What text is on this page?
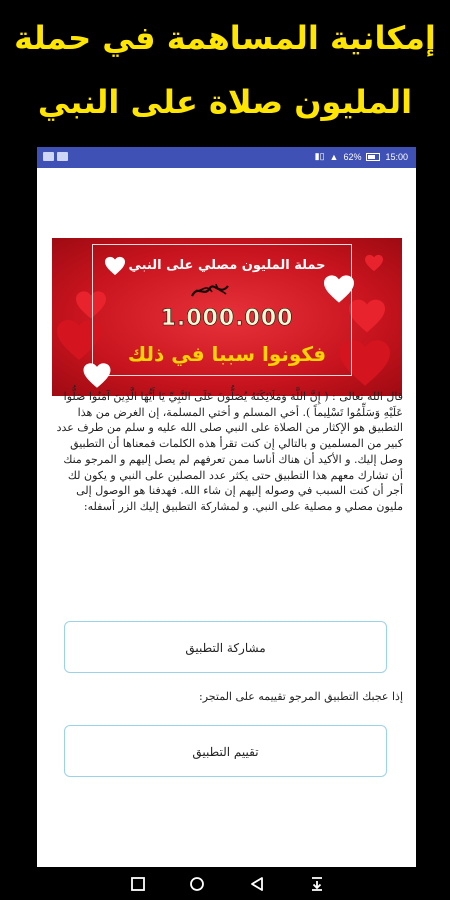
إمكانية المساهمة في حملة
المليون صلاة على النبي
▮▯ ▲ 62%	15:00
حملة المليون مصلي على النبي
1.000.000
فكونوا سببا في ذلك
قال الله تعالى : ( إِنَّ اللَّهَ وَمَلَائِكَتَهُ يُصَلُّونَ عَلَى النَّبِيِّ يَا أَيُّهَا الَّذِينَ آمَنُوا صَلُّوا عَلَيْهِ وَسَلِّمُوا تَسْلِيماً ). أخي المسلم و أختي المسلمة، إن الغرض من هذا التطبيق هو الإكثار من الصلاة على النبي صلى الله عليه و سلم من طرف عدد كبير من المسلمين و بالتالي إن كنت تقرأ هذه الكلمات فمعناها أن التطبيق وصل إليك. و الأكيد أن هناك أناسا ممن تعرفهم لم يصل إليهم و المرجو منك أن تشارك معهم هذا التطبيق حتى يكثر عدد المصلين على النبي و يكون لك أجر أن كنت السبب في وصوله إليهم إن شاء الله. فهدفنا هو الوصول إلى مليون مصلي و مصلية على النبي. و لمشاركة التطبيق إليك الزر أسفله:
مشاركة التطبيق
إذا عجبك التطبيق المرجو تقييمه على المتجر:
تقييم التطبيق
